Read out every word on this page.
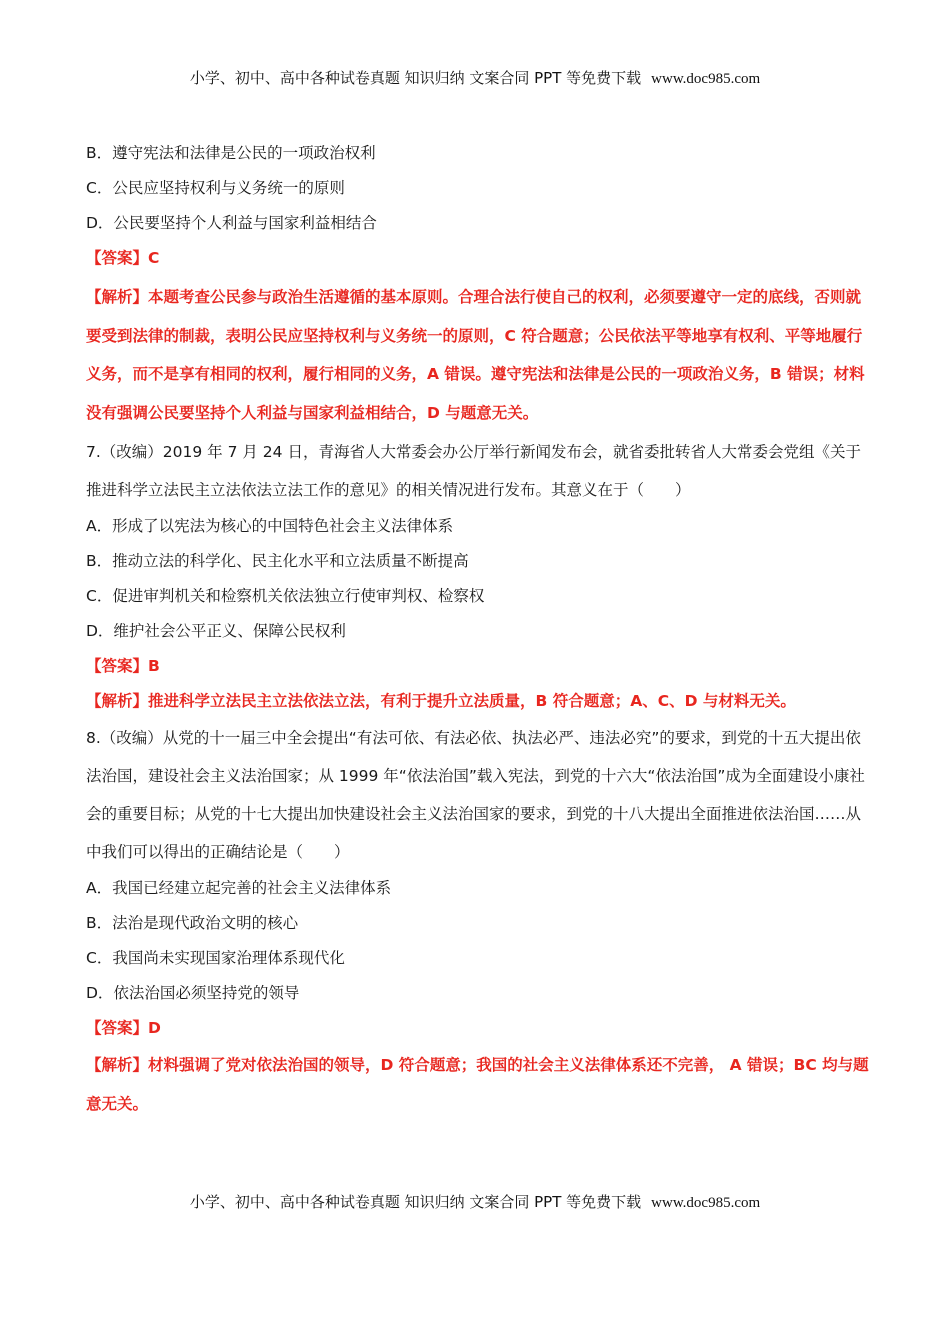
小学、初中、高中各种试卷真题 知识归纳 文案合同 PPT 等免费下载 www.doc985.com
B．遵守宪法和法律是公民的一项政治权利
C．公民应坚持权利与义务统一的原则
D．公民要坚持个人利益与国家利益相结合
【答案】C
【解析】本题考查公民参与政治生活遵循的基本原则。合理合法行使自己的权利，必须要遵守一定的底线，否则就要受到法律的制裁，表明公民应坚持权利与义务统一的原则，C 符合题意；公民依法平等地享有权利、平等地履行义务，而不是享有相同的权利，履行相同的义务，A 错误。遵守宪法和法律是公民的一项政治义务，B 错误；材料没有强调公民要坚持个人利益与国家利益相结合，D 与题意无关。
7.（改编）2019 年 7 月 24 日，青海省人大常委会办公厅举行新闻发布会，就省委批转省人大常委会党组《关于推进科学立法民主立法依法立法工作的意见》的相关情况进行发布。其意义在于（　　）
A．形成了以宪法为核心的中国特色社会主义法律体系
B．推动立法的科学化、民主化水平和立法质量不断提高
C．促进审判机关和检察机关依法独立行使审判权、检察权
D．维护社会公平正义、保障公民权利
【答案】B
【解析】推进科学立法民主立法依法立法，有利于提升立法质量，B 符合题意；A、C、D 与材料无关。
8.（改编）从党的十一届三中全会提出“有法可依、有法必依、执法必严、违法必究”的要求，到党的十五大提出依法治国，建设社会主义法治国家；从 1999 年“依法治国”载入宪法，到党的十六大“依法治国”成为全面建设小康社会的重要目标；从党的十七大提出加快建设社会主义法治国家的要求，到党的十八大提出全面推进依法治国……从中我们可以得出的正确结论是（　　）
A．我国已经建立起完善的社会主义法律体系
B．法治是现代政治文明的核心
C．我国尚未实现国家治理体系现代化
D．依法治国必须坚持党的领导
【答案】D
【解析】材料强调了党对依法治国的领导，D 符合题意；我国的社会主义法律体系还不完善， A 错误；BC 均与题意无关。
小学、初中、高中各种试卷真题 知识归纳 文案合同 PPT 等免费下载 www.doc985.com
